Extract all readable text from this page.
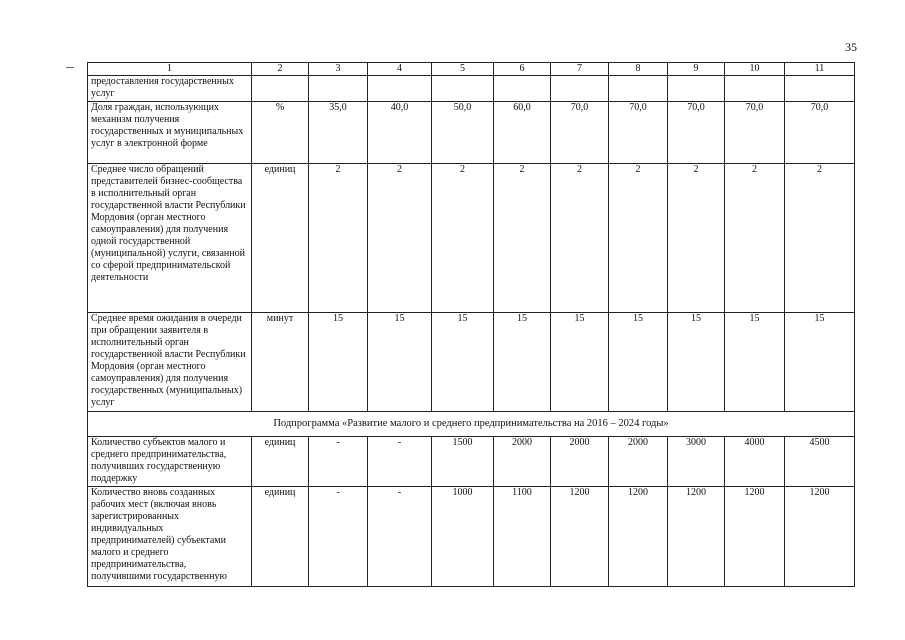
35
1	2	3	4	5	6	7	8	9	10	11
предоставления государственных услуг										
Доля граждан, использующих механизм получения государственных и муниципальных услуг в электронной форме	%	35,0	40,0	50,0	60,0	70,0	70,0	70,0	70,0	70,0
Среднее число обращений представителей бизнес-сообщества в исполнительный орган государственной власти Республики Мордовия (орган местного самоуправления) для получения одной государственной (муниципальной) услуги, связанной со сферой предпринимательской деятельности	единиц	2	2	2	2	2	2	2	2	2
Среднее время ожидания в очереди при обращении заявителя в исполнительный орган государственной власти Республики Мордовия (орган местного самоуправления) для получения государственных (муниципальных) услуг	минут	15	15	15	15	15	15	15	15	15
Подпрограмма «Развитие малого и среднего предпринимательства на 2016 – 2024 годы»										
Количество субъектов малого и среднего предпринимательства, получивших государственную поддержку	единиц	-	-	1500	2000	2000	2000	3000	4000	4500
Количество вновь созданных рабочих мест (включая вновь зарегистрированных индивидуальных предпринимателей) субъектами малого и среднего предпринимательства, получившими государственную	единиц	-	-	1000	1100	1200	1200	1200	1200	1200
